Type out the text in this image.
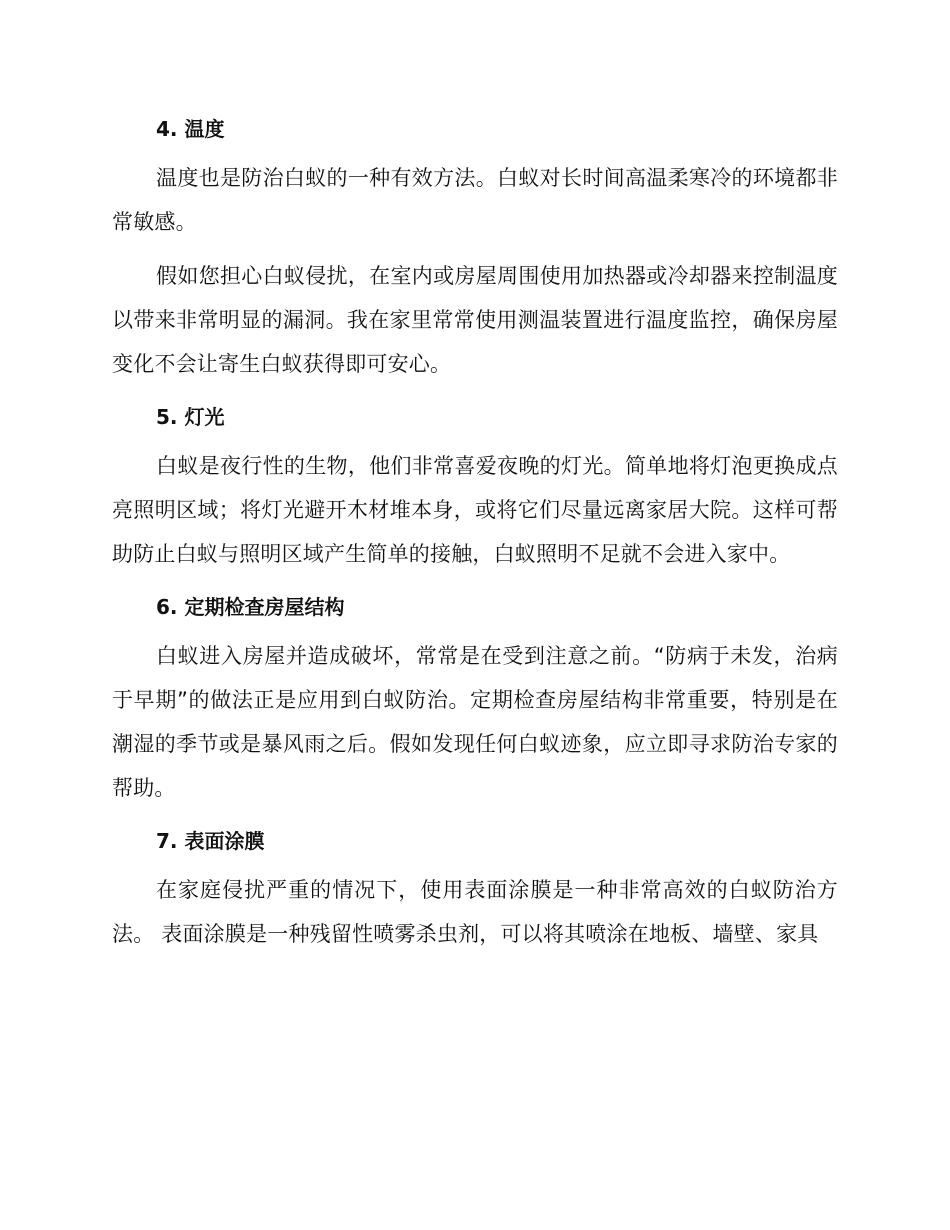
4. 温度

温度也是防治白蚁的一种有效方法。白蚁对长时间高温柔寒冷的环境都非常敏感。

假如您担心白蚁侵扰，在室内或房屋周围使用加热器或冷却器来控制温度以带来非常明显的漏洞。我在家里常常使用测温装置进行温度监控，确保房屋变化不会让寄生白蚁获得即可安心。

5. 灯光

白蚁是夜行性的生物，他们非常喜爱夜晚的灯光。简单地将灯泡更换成点亮照明区域；将灯光避开木材堆本身，或将它们尽量远离家居大院。这样可帮助防止白蚁与照明区域产生简单的接触，白蚁照明不足就不会进入家中。

6. 定期检查房屋结构

白蚁进入房屋并造成破坏，常常是在受到注意之前。“防病于未发，治病于早期”的做法正是应用到白蚁防治。定期检查房屋结构非常重要，特别是在潮湿的季节或是暴风雨之后。假如发现任何白蚁迹象，应立即寻求防治专家的帮助。

7. 表面涂膜

在家庭侵扰严重的情况下，使用表面涂膜是一种非常高效的白蚁防治方法。 表面涂膜是一种残留性喷雾杀虫剂，可以将其喷涂在地板、墙壁、家具
